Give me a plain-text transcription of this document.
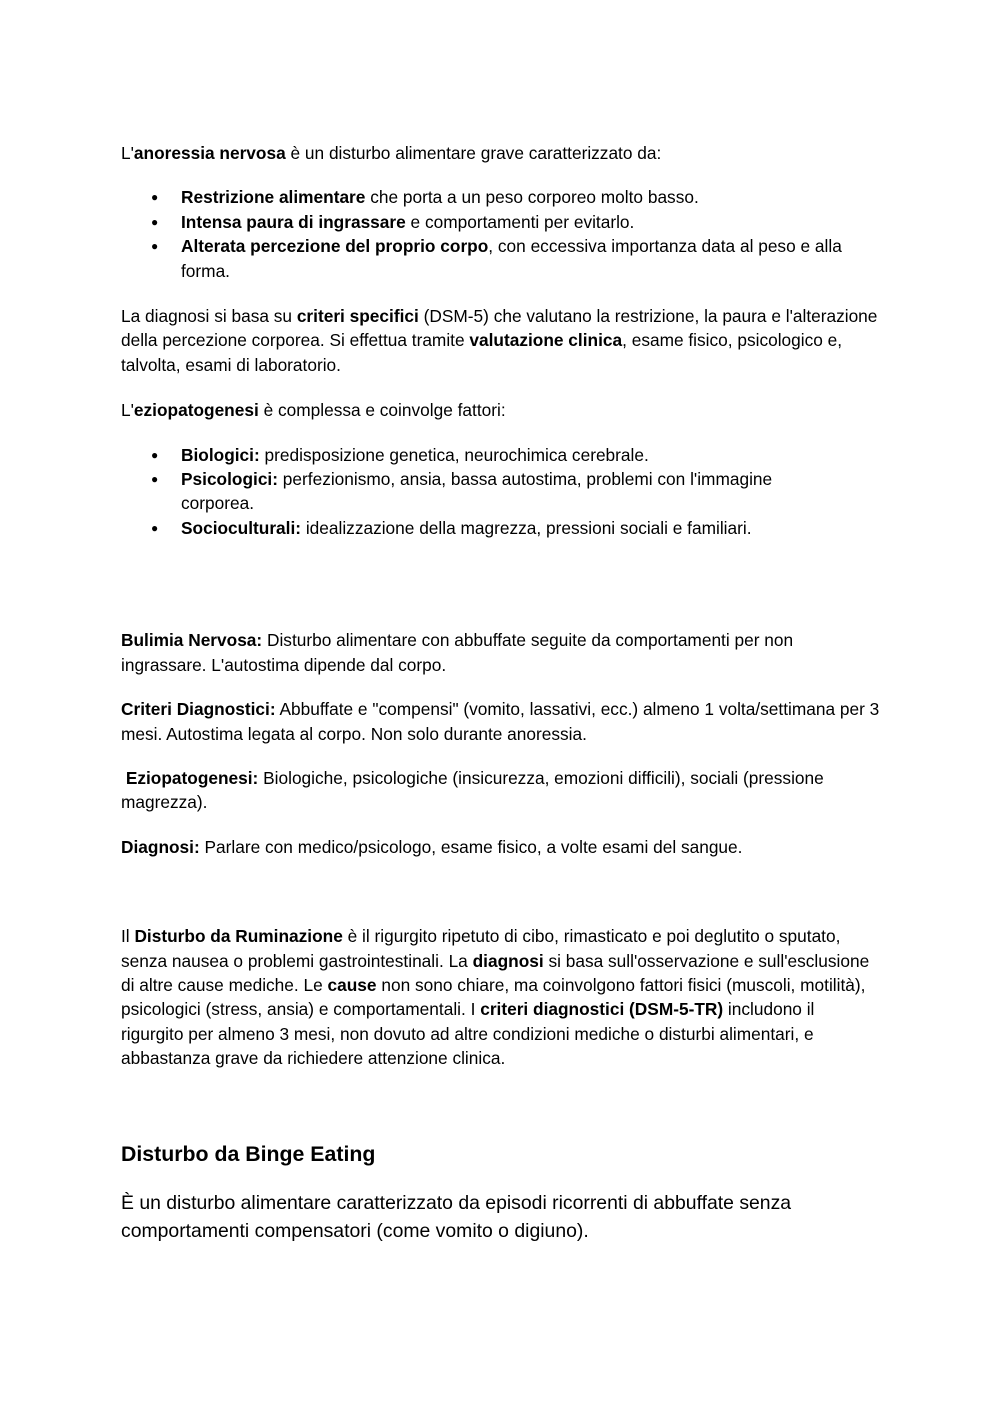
L'anoressia nervosa è un disturbo alimentare grave caratterizzato da:

● Restrizione alimentare che porta a un peso corporeo molto basso.
● Intensa paura di ingrassare e comportamenti per evitarlo.
● Alterata percezione del proprio corpo, con eccessiva importanza data al peso e alla forma.

La diagnosi si basa su criteri specifici (DSM-5) che valutano la restrizione, la paura e l'alterazione della percezione corporea. Si effettua tramite valutazione clinica, esame fisico, psicologico e, talvolta, esami di laboratorio.

L'eziopatogenesi è complessa e coinvolge fattori:

● Biologici: predisposizione genetica, neurochimica cerebrale.
● Psicologici: perfezionismo, ansia, bassa autostima, problemi con l'immagine corporea.
● Socioculturali: idealizzazione della magrezza, pressioni sociali e familiari.

Bulimia Nervosa: Disturbo alimentare con abbuffate seguite da comportamenti per non ingrassare. L'autostima dipende dal corpo.

Criteri Diagnostici: Abbuffate e "compensi" (vomito, lassativi, ecc.) almeno 1 volta/settimana per 3 mesi. Autostima legata al corpo. Non solo durante anoressia.

Eziopatogenesi: Biologiche, psicologiche (insicurezza, emozioni difficili), sociali (pressione magrezza).

Diagnosi: Parlare con medico/psicologo, esame fisico, a volte esami del sangue.

Il Disturbo da Ruminazione è il rigurgito ripetuto di cibo, rimasticato e poi deglutito o sputato, senza nausea o problemi gastrointestinali. La diagnosi si basa sull'osservazione e sull'esclusione di altre cause mediche. Le cause non sono chiare, ma coinvolgono fattori fisici (muscoli, motilità), psicologici (stress, ansia) e comportamentali. I criteri diagnostici (DSM-5-TR) includono il rigurgito per almeno 3 mesi, non dovuto ad altre condizioni mediche o disturbi alimentari, e abbastanza grave da richiedere attenzione clinica.

Disturbo da Binge Eating

È un disturbo alimentare caratterizzato da episodi ricorrenti di abbuffate senza comportamenti compensatori (come vomito o digiuno).
